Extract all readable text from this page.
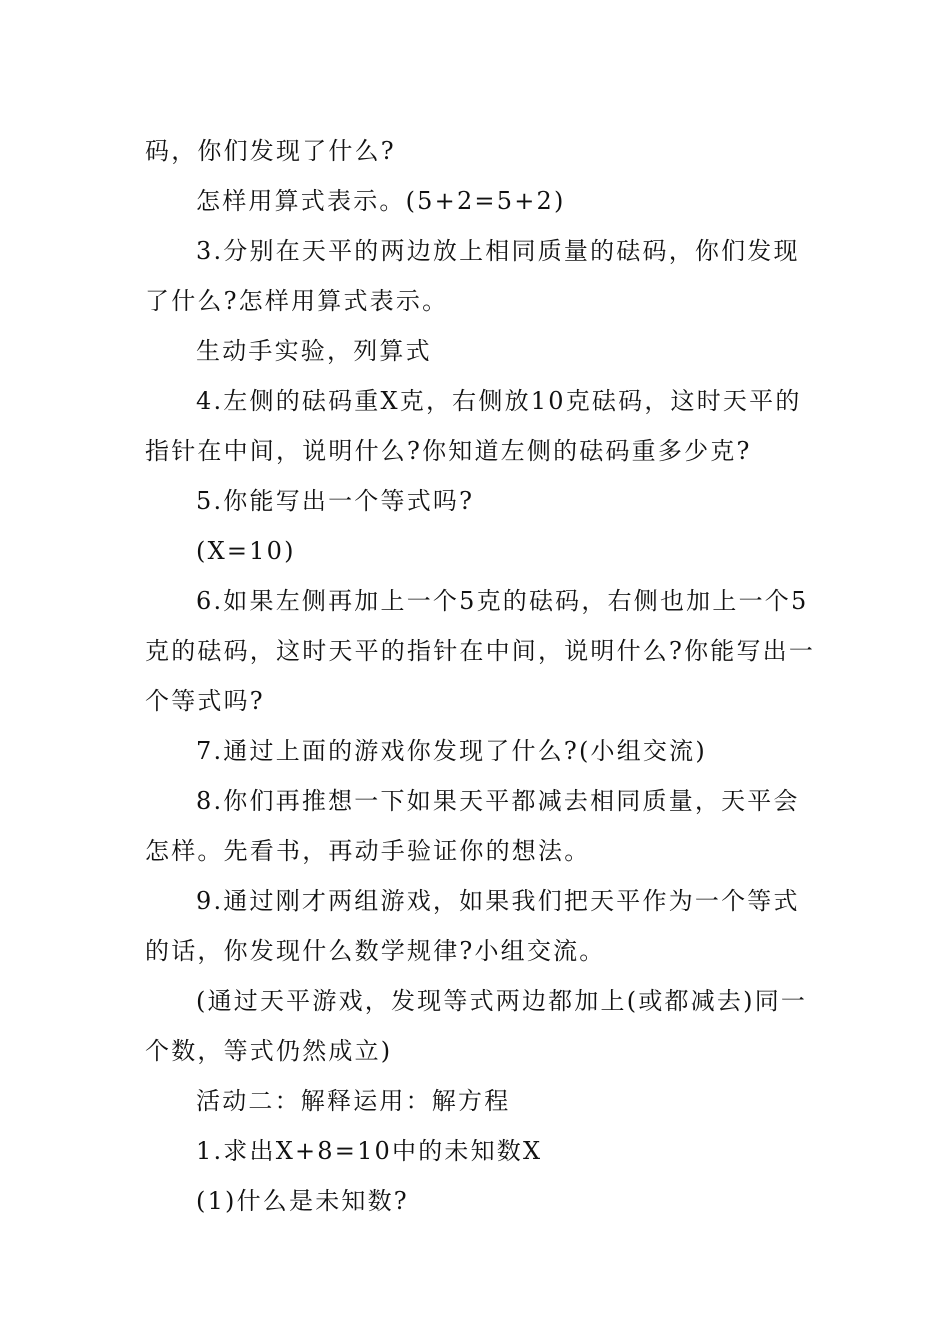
码，你们发现了什么?
怎样用算式表示。(5+2=5+2)
3.分别在天平的两边放上相同质量的砝码，你们发现
了什么?怎样用算式表示。
生动手实验，列算式
4.左侧的砝码重X克，右侧放10克砝码，这时天平的
指针在中间，说明什么?你知道左侧的砝码重多少克?
5.你能写出一个等式吗?
(X=10)
6.如果左侧再加上一个5克的砝码，右侧也加上一个5
克的砝码，这时天平的指针在中间，说明什么?你能写出一
个等式吗?
7.通过上面的游戏你发现了什么?(小组交流)
8.你们再推想一下如果天平都减去相同质量，天平会
怎样。先看书，再动手验证你的想法。
9.通过刚才两组游戏，如果我们把天平作为一个等式
的话，你发现什么数学规律?小组交流。
(通过天平游戏，发现等式两边都加上(或都减去)同一
个数，等式仍然成立)
活动二：解释运用：解方程
1.求出X+8=10中的未知数X
(1)什么是未知数?
